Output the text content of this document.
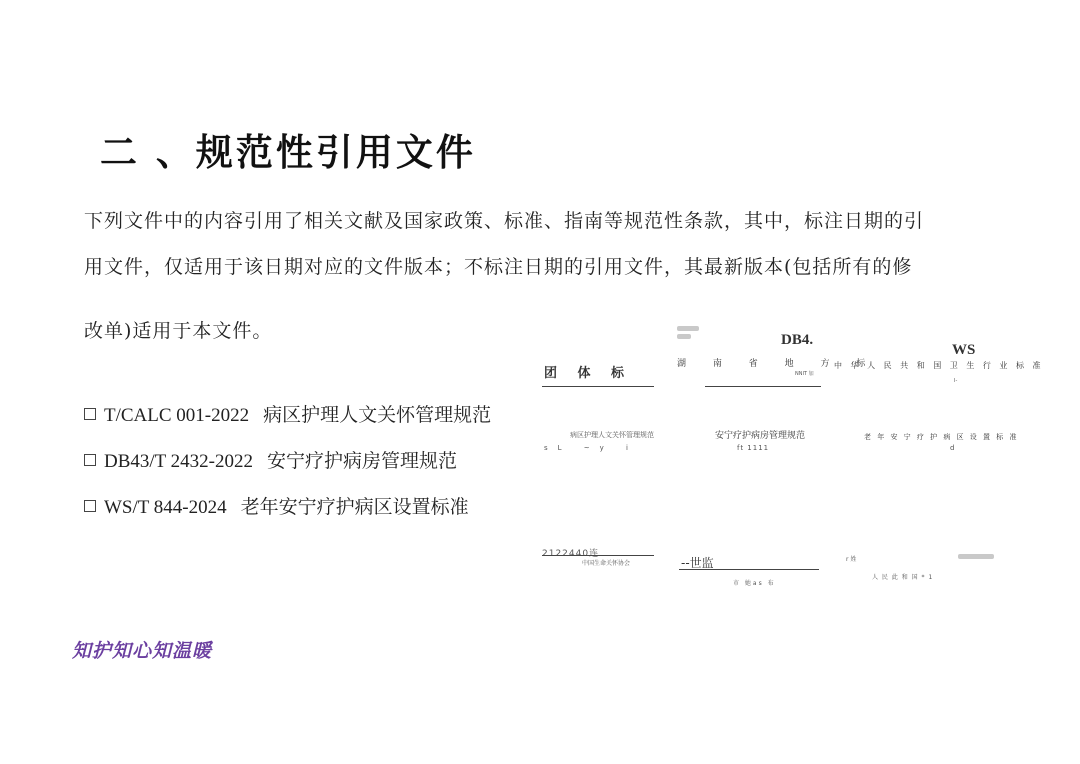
二 、规范性引用文件
下列文件中的内容引用了相关文献及国家政策、标准、指南等规范性条款，其中，标注日期的引
用文件，仅适用于该日期对应的文件版本；不标注日期的引用文件，其最新版本(包括所有的修
改单)适用于本文件。
T/CALC 001-2022 病区护理人文关怀管理规范
DB43/T 2432-2022 安宁疗护病房管理规范
WS/T 844-2024 老年安宁疗护病区设置标准
团 体 标
病区护理人文关怀管理规范
sL ~y i
2122440连
中国生命关怀协会
DB4.
湖 南 省 地 方 标
NNIT 加
安宁疗护病房管理规范
ft 1111
--世监
市 她as 布
WS
中 华 人 民 共 和 国 卫 生 行 业 标 准
I-
老 年 安 宁 疗 护 病 区 设 置 标 准
d
r 姓
人 民 此 和 国 * 1
知护知心知温暖
